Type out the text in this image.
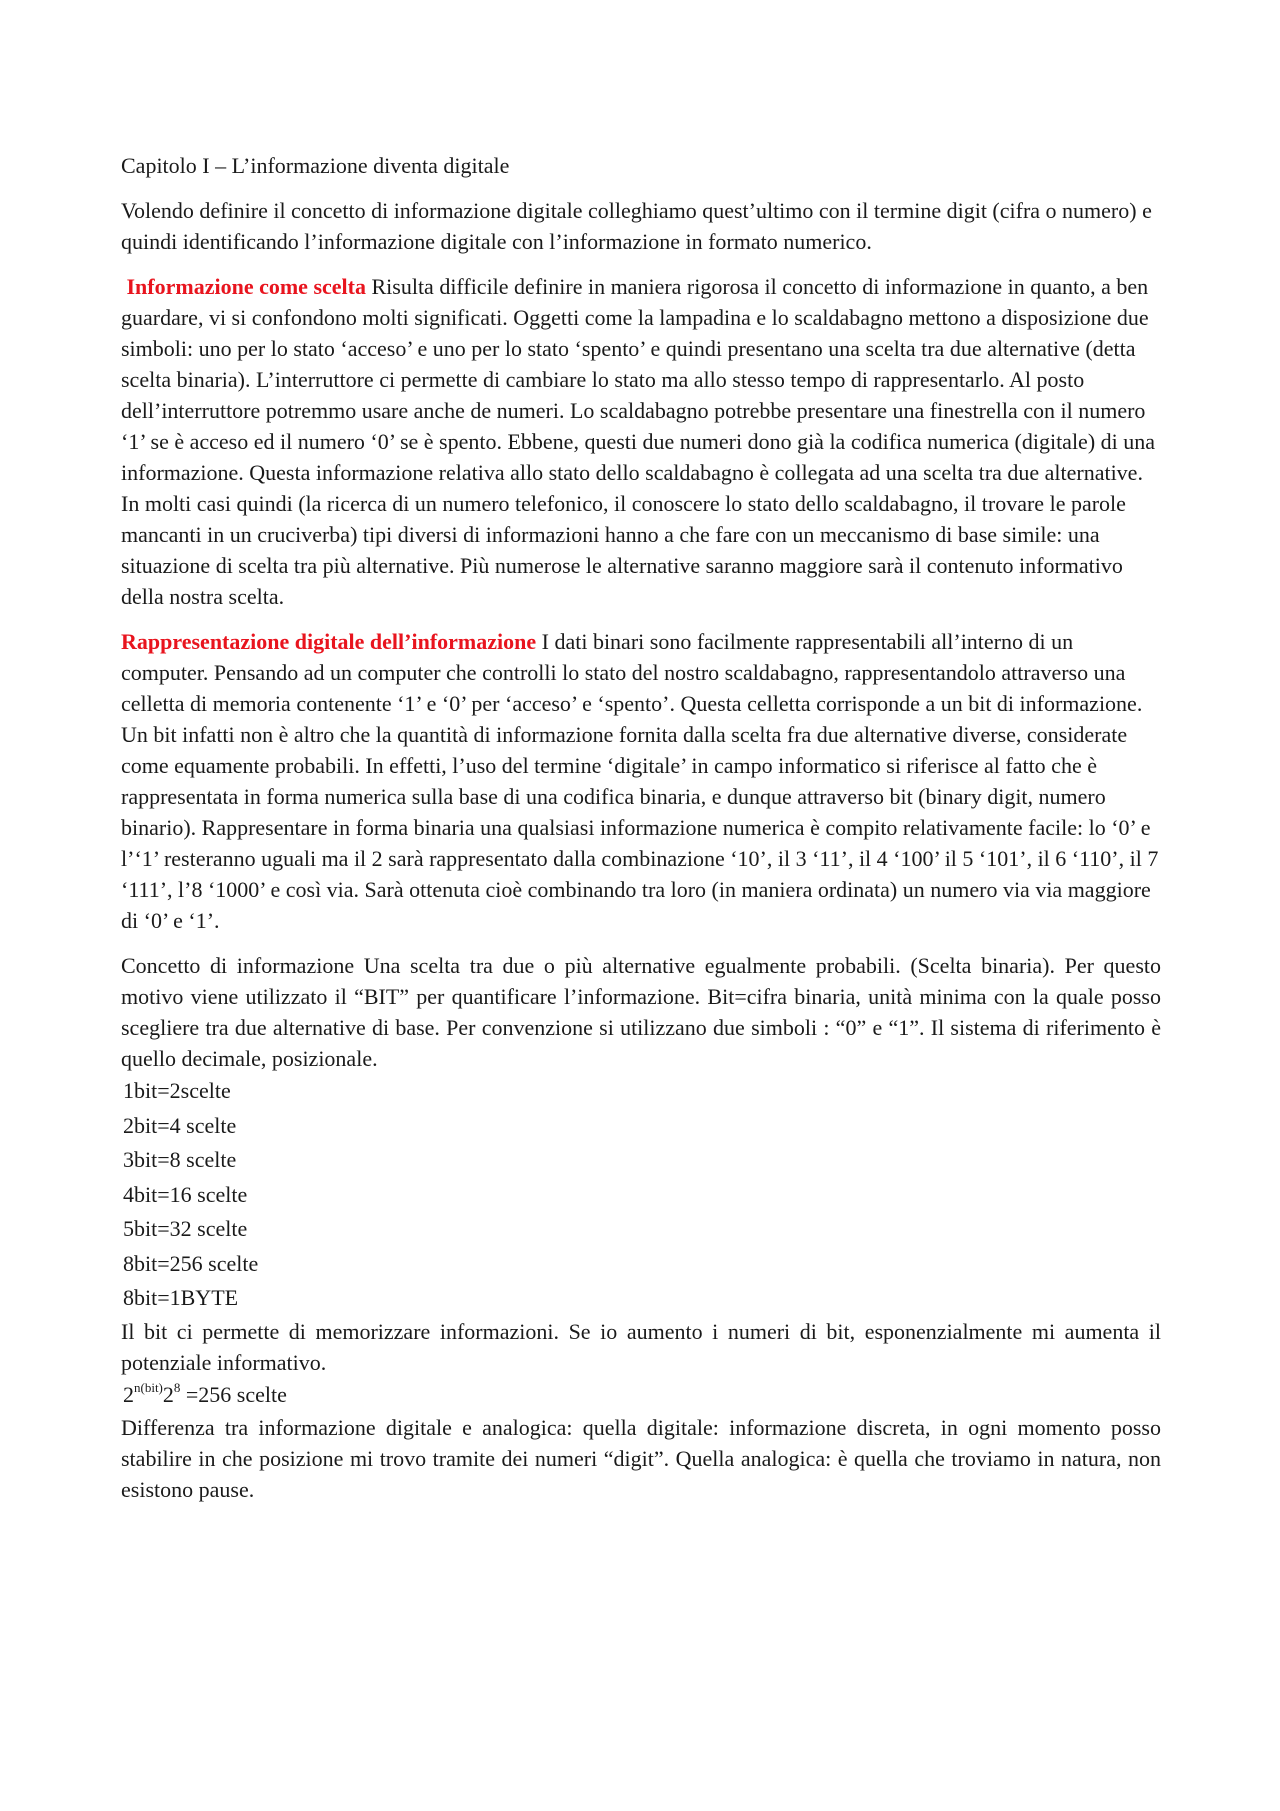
Capitolo I – L’informazione diventa digitale

Volendo definire il concetto di informazione digitale colleghiamo quest’ultimo con il termine digit (cifra o numero) e quindi identificando l’informazione digitale con l’informazione in formato numerico.

Informazione come scelta Risulta difficile definire in maniera rigorosa il concetto di informazione in quanto, a ben guardare, vi si confondono molti significati. Oggetti come la lampadina e lo scaldabagno mettono a disposizione due simboli: uno per lo stato ‘acceso’ e uno per lo stato ‘spento’ e quindi presentano una scelta tra due alternative (detta scelta binaria). L’interruttore ci permette di cambiare lo stato ma allo stesso tempo di rappresentarlo. Al posto dell’interruttore potremmo usare anche de numeri. Lo scaldabagno potrebbe presentare una finestrella con il numero ‘1’ se è acceso ed il numero ‘0’ se è spento. Ebbene, questi due numeri dono già la codifica numerica (digitale) di una informazione. Questa informazione relativa allo stato dello scaldabagno è collegata ad una scelta tra due alternative. In molti casi quindi (la ricerca di un numero telefonico, il conoscere lo stato dello scaldabagno, il trovare le parole mancanti in un cruciverba) tipi diversi di informazioni hanno a che fare con un meccanismo di base simile: una situazione di scelta tra più alternative. Più numerose le alternative saranno maggiore sarà il contenuto informativo della nostra scelta.

Rappresentazione digitale dell’informazione I dati binari sono facilmente rappresentabili all’interno di un computer. Pensando ad un computer che controlli lo stato del nostro scaldabagno, rappresentandolo attraverso una celletta di memoria contenente ‘1’ e ‘0’ per ‘acceso’ e ‘spento’. Questa celletta corrisponde a un bit di informazione. Un bit infatti non è altro che la quantità di informazione fornita dalla scelta fra due alternative diverse, considerate come equamente probabili. In effetti, l’uso del termine ‘digitale’ in campo informatico si riferisce al fatto che è rappresentata in forma numerica sulla base di una codifica binaria, e dunque attraverso bit (binary digit, numero binario). Rappresentare in forma binaria una qualsiasi informazione numerica è compito relativamente facile: lo ‘0’ e l’‘1’ resteranno uguali ma il 2 sarà rappresentato dalla combinazione ‘10’, il 3 ‘11’, il 4 ‘100’ il 5 ‘101’, il 6 ‘110’, il 7 ‘111’, l’8 ‘1000’ e così via. Sarà ottenuta cioè combinando tra loro (in maniera ordinata) un numero via via maggiore di ‘0’ e ‘1’.

Concetto di informazione Una scelta tra due o più alternative egualmente probabili. (Scelta binaria). Per questo motivo viene utilizzato il “BIT” per quantificare l’informazione. Bit=cifra binaria, unità minima con la quale posso scegliere tra due alternative di base. Per convenzione si utilizzano due simboli : “0” e “1”. Il sistema di riferimento è quello decimale, posizionale.

1bit=2scelte
2bit=4 scelte
3bit=8 scelte
4bit=16 scelte
5bit=32 scelte
8bit=256 scelte
8bit=1BYTE

Il bit ci permette di memorizzare informazioni. Se io aumento i numeri di bit, esponenzialmente mi aumenta il potenziale informativo.

$2^{n(bit)}2^8 =256$ scelte

Differenza tra informazione digitale e analogica: quella digitale: informazione discreta, in ogni momento posso stabilire in che posizione mi trovo tramite dei numeri “digit”. Quella analogica: è quella che troviamo in natura, non esistono pause.
